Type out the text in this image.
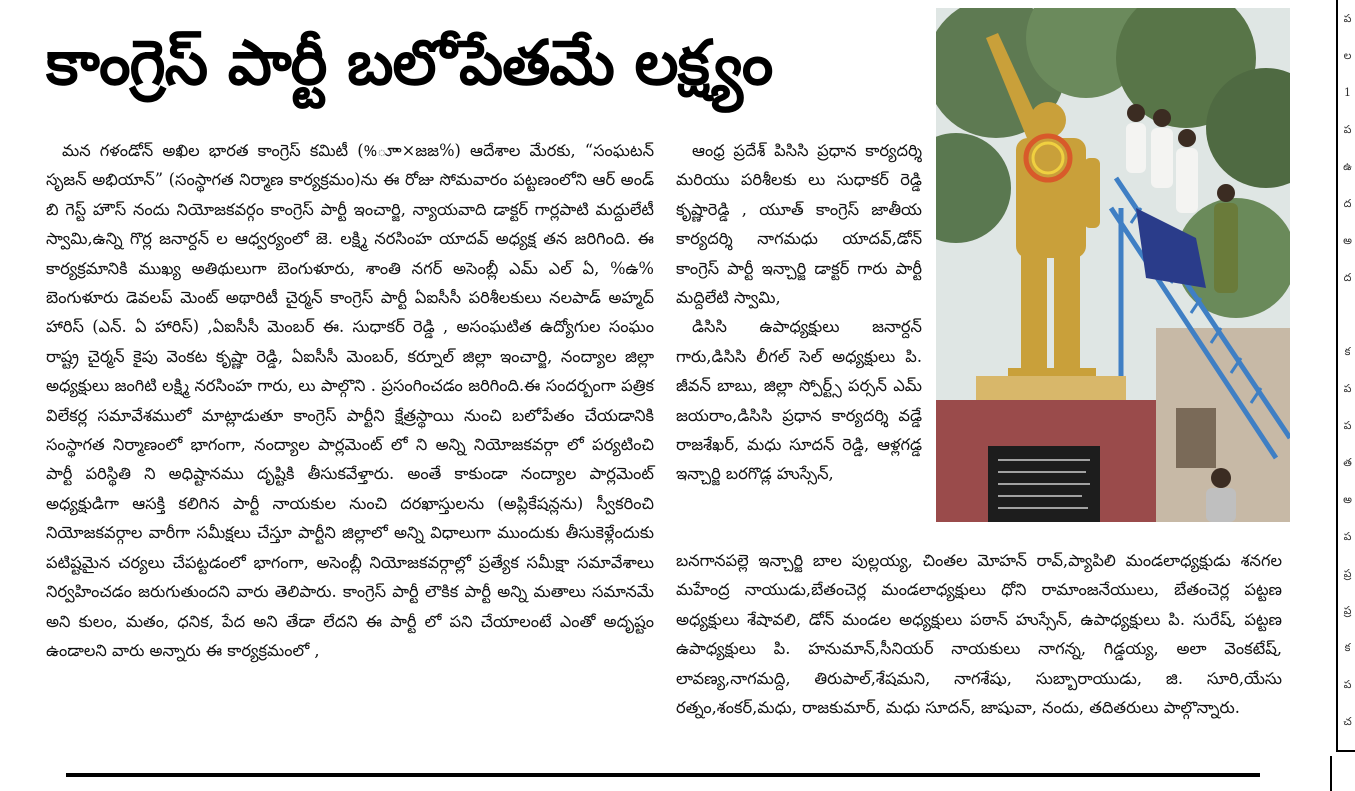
కాంగ్రెస్ పార్టీ బలోపేతమే లక్ష్యం

మన గళండోన్ అఖిల భారత కాంగ్రెస్ కమిటీ (%ూా×జజ%) ఆదేశాల మేరకు, “సంఘటన్ సృజన్ అభియాన్” (సంస్థాగత నిర్మాణ కార్యక్రమం)ను ఈ రోజు సోమవారం పట్టణంలోని ఆర్ అండ్ బి గెస్ట్ హౌస్ నందు నియోజకవర్గం కాంగ్రెస్ పార్టీ ఇంచార్జి, న్యాయవాది డాక్టర్ గార్లపాటి మద్దులేటీ స్వామి,ఉన్ని గొర్ల జనార్దన్ ల ఆధ్వర్యంలో జె. లక్ష్మి నరసింహ యాదవ్ అధ్యక్ష తన జరిగింది. ఈ కార్యక్రమానికి ముఖ్య అతిథులుగా బెంగుళూరు, శాంతి నగర్ అసెంబ్లీ ఎమ్ ఎల్ ఏ, %ఉ% బెంగుళూరు డెవలప్ మెంట్ అథారిటీ చైర్మన్ కాంగ్రెస్ పార్టీ ఏఐసీసీ పరిశీలకులు నలపాడ్ అహ్మద్ హారిస్ (ఎన్. ఏ హారిస్) ,ఏఐసీసీ మెంబర్ ఈ. సుధాకర్ రెడ్డి , అసంఘటిత ఉద్యోగుల సంఘం రాష్ట్ర చైర్మన్ కైపు వెంకట కృష్ణా రెడ్డి, ఏఐసీసీ మెంబర్, కర్నూల్ జిల్లా ఇంచార్జి, నంద్యాల జిల్లా అధ్యక్షులు జంగిటి లక్ష్మి నరసింహ గారు, లు పాల్గొని . ప్రసంగించడం జరిగింది.ఈ సందర్బంగా పత్రిక విలేకర్ల సమావేశములో మాట్లాడుతూ కాంగ్రెస్ పార్టీని క్షేత్రస్థాయి నుంచి బలోపేతం చేయడానికి సంస్థాగత నిర్మాణంలో భాగంగా, నంద్యాల పార్లమెంట్ లో ని అన్ని నియోజకవర్గా లో పర్యటించి పార్టీ పరిస్థితి ని అధిష్టానము దృష్టికి తీసుకవేళ్తారు. అంతే కాకుండా నంద్యాల పార్లమెంట్ అధ్యక్షుడిగా ఆసక్తి కలిగిన పార్టీ నాయకుల నుంచి దరఖాస్తులను (అప్లికేషన్లను) స్వీకరించి నియోజకవర్గాల వారీగా సమీక్షలు చేస్తూ పార్టీని జిల్లాలో అన్ని విధాలుగా ముందుకు తీసుకెళ్లేందుకు పటిష్టమైన చర్యలు చేపట్టడంలో భాగంగా, అసెంబ్లీ నియోజకవర్గాల్లో ప్రత్యేక సమీక్షా సమావేశాలు నిర్వహించడం జరుగుతుందని వారు తెలిపారు. కాంగ్రెస్ పార్టీ లౌకిక పార్టీ అన్ని మతాలు సమానమే అని కులం, మతం, ధనిక, పేద అని తేడా లేదని ఈ పార్టీ లో పని చేయాలంటే ఎంతో అదృష్టం ఉండాలని వారు అన్నారు ఈ కార్యక్రమంలో ,

ఆంధ్ర ప్రదేశ్ పిసిసి ప్రధాన కార్యదర్శి మరియు పరిశీలకు లు సుధాకర్ రెడ్డి కృష్ణారెడ్డి , యూత్ కాంగ్రెస్ జాతీయ కార్యదర్శి నాగమధు యాదవ్,డోన్ కాంగ్రెస్ పార్టీ ఇన్చార్జి డాక్టర్ గారు పార్టీ మద్దిలేటి స్వామి,

డిసిసి ఉపాధ్యక్షులు జనార్దన్ గారు,డిసిసి లీగల్ సెల్ అధ్యక్షులు పి. జీవన్ బాబు, జిల్లా స్పోర్ట్స్ పర్సన్ ఎమ్ జయరాం,డిసిసి ప్రధాన కార్యదర్శి వడ్డే రాజశేఖర్, మధు సూదన్ రెడ్డి, ఆళ్లగడ్డ ఇన్చార్జి బరగొడ్ల హుస్సేన్,

బనగానపల్లె ఇన్చార్జి బాల పుల్లయ్య, చింతల మోహన్ రావ్,ప్యాపిలి మండలాధ్యక్షుడు శనగల మహేంద్ర నాయుడు,బేతంచెర్ల మండలాధ్యక్షులు ధోని రామాంజనేయులు, బేతంచెర్ల పట్టణ అధ్యక్షులు శేషావలి, డోన్ మండల అధ్యక్షులు పఠాన్ హుస్సేన్, ఉపాధ్యక్షులు పి. సురేష్, పట్టణ ఉపాధ్యక్షులు పి. హనుమాన్,సీనియర్ నాయకులు నాగన్న, గిడ్డయ్య, అలా వెంకటేష్, లావణ్య,నాగమద్ది, తిరుపాల్,శేషమని, నాగశేషు, సుబ్బారాయుడు, జి. సూరి,యేసు రత్నం,శంకర్,మధు, రాజకుమార్, మధు సూదన్, జాషువా, నందు, తదితరులు పాల్గొన్నారు.

ప
ల
1
ప
ఉ
ద
అ
ద
క
ప
ప
త
అ
ప
ప్ర
ప్ర
క
ప
చ
